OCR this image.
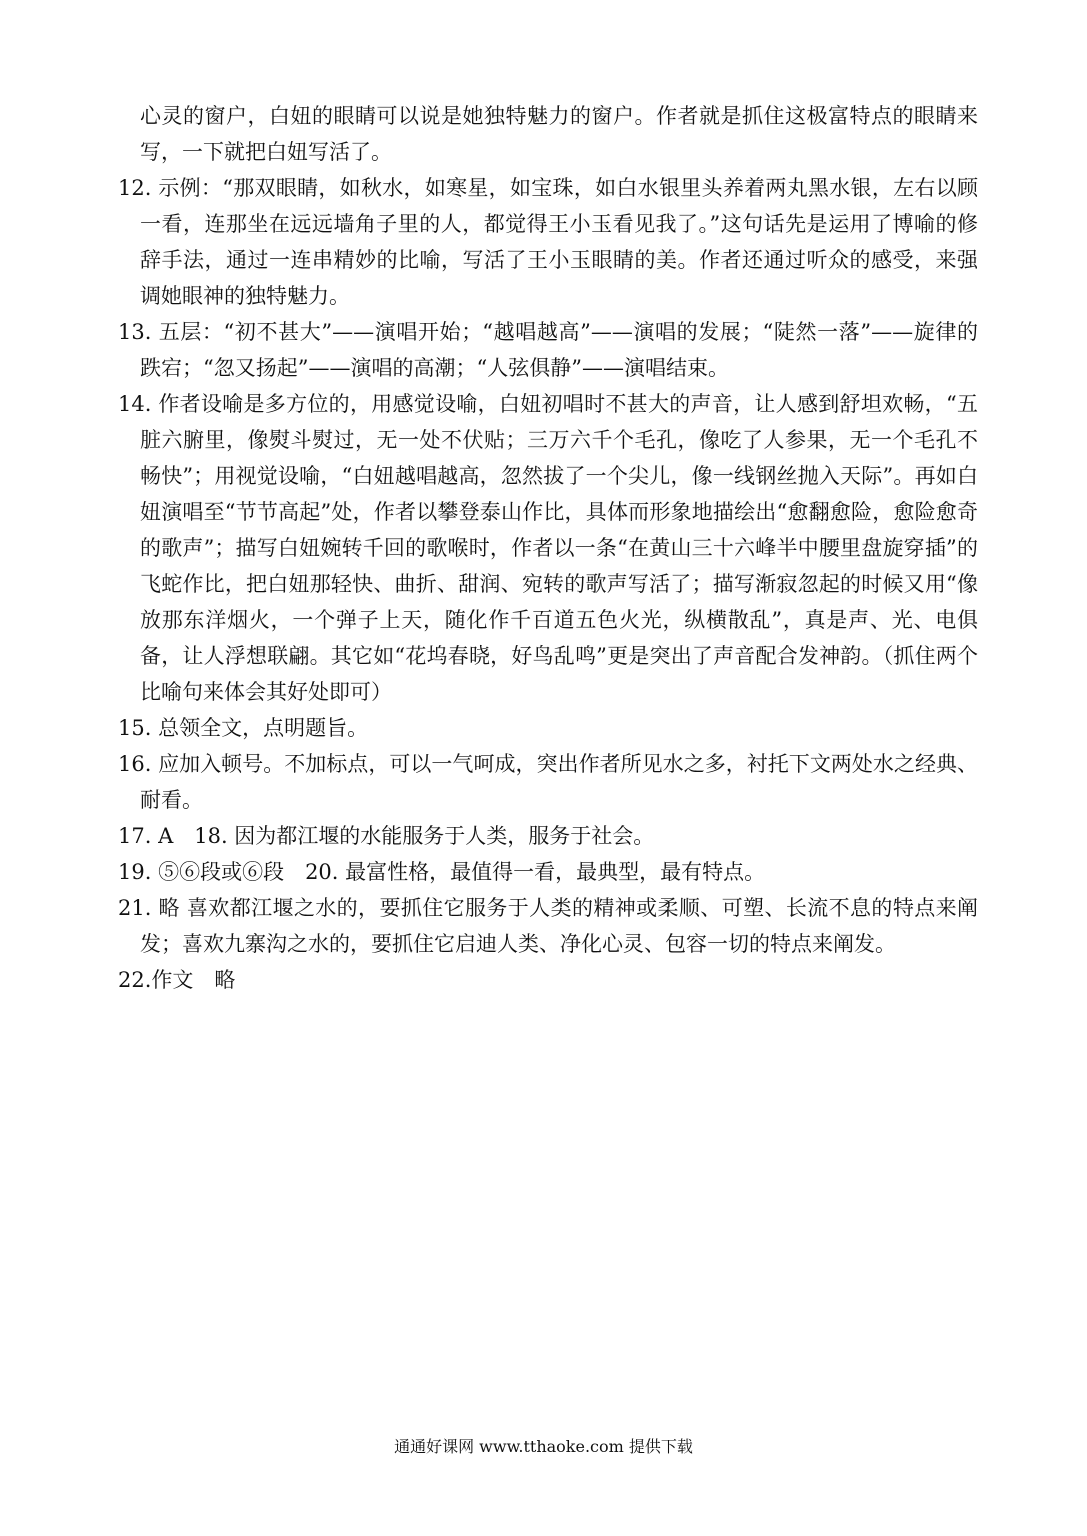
心灵的窗户，白妞的眼睛可以说是她独特魅力的窗户。作者就是抓住这极富特点的眼睛来写，一下就把白妞写活了。

12. 示例：“那双眼睛，如秋水，如寒星，如宝珠，如白水银里头养着两丸黑水银，左右以顾一看，连那坐在远远墙角子里的人，都觉得王小玉看见我了。”这句话先是运用了博喻的修辞手法，通过一连串精妙的比喻，写活了王小玉眼睛的美。作者还通过听众的感受，来强调她眼神的独特魅力。

13. 五层：“初不甚大”——演唱开始；“越唱越高”——演唱的发展；“陡然一落”——旋律的跌宕；“忽又扬起”——演唱的高潮；“人弦俱静”——演唱结束。

14. 作者设喻是多方位的，用感觉设喻，白妞初唱时不甚大的声音，让人感到舒坦欢畅，“五脏六腑里，像熨斗熨过，无一处不伏贴；三万六千个毛孔，像吃了人参果，无一个毛孔不畅快”；用视觉设喻，“白妞越唱越高，忽然拔了一个尖儿，像一线钢丝抛入天际”。再如白妞演唱至“节节高起”处，作者以攀登泰山作比，具体而形象地描绘出“愈翻愈险，愈险愈奇的歌声”；描写白妞婉转千回的歌喉时，作者以一条“在黄山三十六峰半中腰里盘旋穿插”的飞蛇作比，把白妞那轻快、曲折、甜润、宛转的歌声写活了；描写渐寂忽起的时候又用“像放那东洋烟火，一个弹子上天，随化作千百道五色火光，纵横散乱”，真是声、光、电俱备，让人浮想联翩。其它如“花坞春晓，好鸟乱鸣”更是突出了声音配合发神韵。（抓住两个比喻句来体会其好处即可）

15. 总领全文，点明题旨。

16. 应加入顿号。不加标点，可以一气呵成，突出作者所见水之多，衬托下文两处水之经典、耐看。

17. A　18. 因为都江堰的水能服务于人类，服务于社会。

19. ⑤⑥段或⑥段　20. 最富性格，最值得一看，最典型，最有特点。

21. 略 喜欢都江堰之水的，要抓住它服务于人类的精神或柔顺、可塑、长流不息的特点来阐发；喜欢九寨沟之水的，要抓住它启迪人类、净化心灵、包容一切的特点来阐发。

22.作文　略

通通好课网 www.tthaoke.com 提供下载
